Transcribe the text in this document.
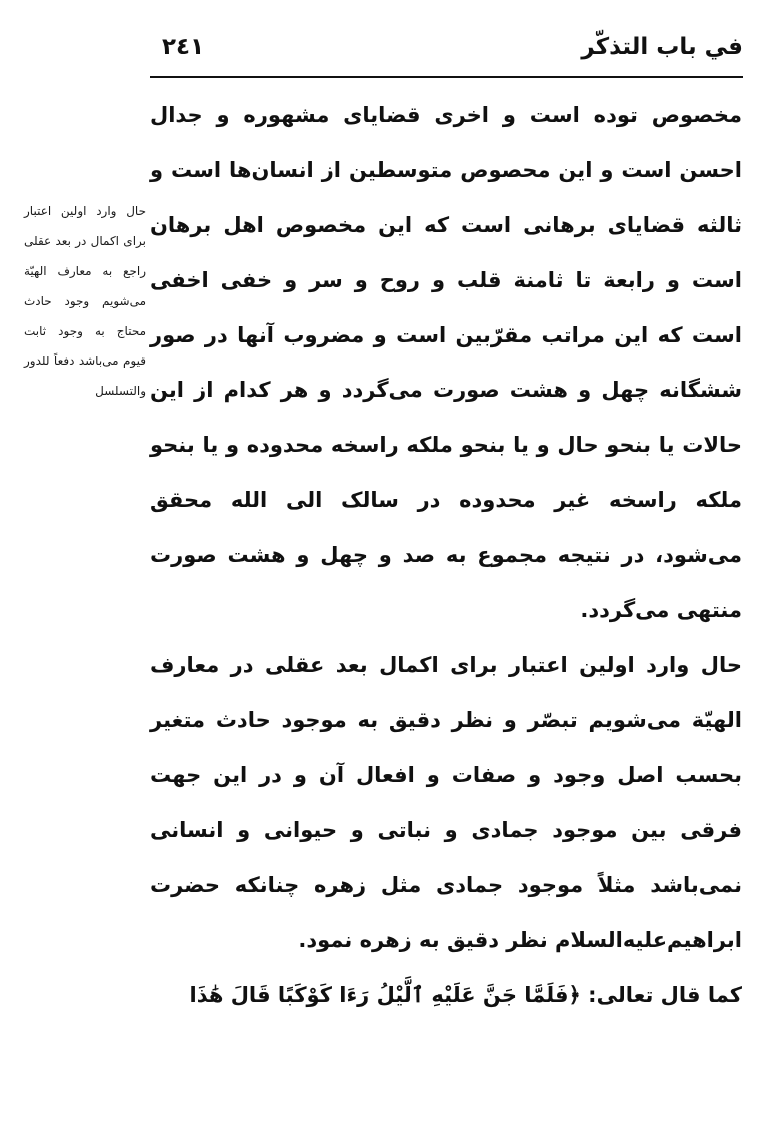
في باب التذكّر
٢٤١

مخصوص توده است و اخرى قضاياى مشهوره و جدال احسن است و اين محصوص متوسطين از انسان‌ها است و ثالثه قضاياى برهانى است كه اين مخصوص اهل برهان است و رابعة تا ثامنة قلب و روح و سر و خفى اخفى است كه اين مراتب مقرّبين است و مضروب آنها در صور ششگانه چهل و هشت صورت مى‌گردد و هر كدام از اين حالات يا بنحو حال و يا بنحو ملكه راسخه محدوده و يا بنحو ملكه راسخه غير محدوده در سالک الى الله محقق مى‌شود، در نتيجه مجموع به صد و چهل و هشت صورت منتهى مى‌گردد.

حال وارد اولين اعتبار براى اكمال بعد عقلى در معارف الهيّة مى‌شويم تبصّر و نظر دقيق به موجود حادث متغير بحسب اصل وجود و صفات و افعال آن و در اين جهت فرقى بين موجود جمادى و نباتى و حيوانى و انسانى نمى‌باشد مثلاً موجود جمادى مثل زهره چنانكه حضرت ابراهيم‌عليه‌السلام نظر دقيق به زهره نمود.

كما قال تعالى: ﴿فَلَمَّا جَنَّ عَلَيْهِ ٱلَّيْلُ رَءَا كَوْكَبًا قَالَ هَٰذَا

حال وارد اولين اعتبار براى اكمال در بعد عقلى راجع به معارف الهيّة مى‌شويم وجود حادث محتاج به وجود ثابت قيوم مى‌باشد دفعاً للدور والتسلسل
